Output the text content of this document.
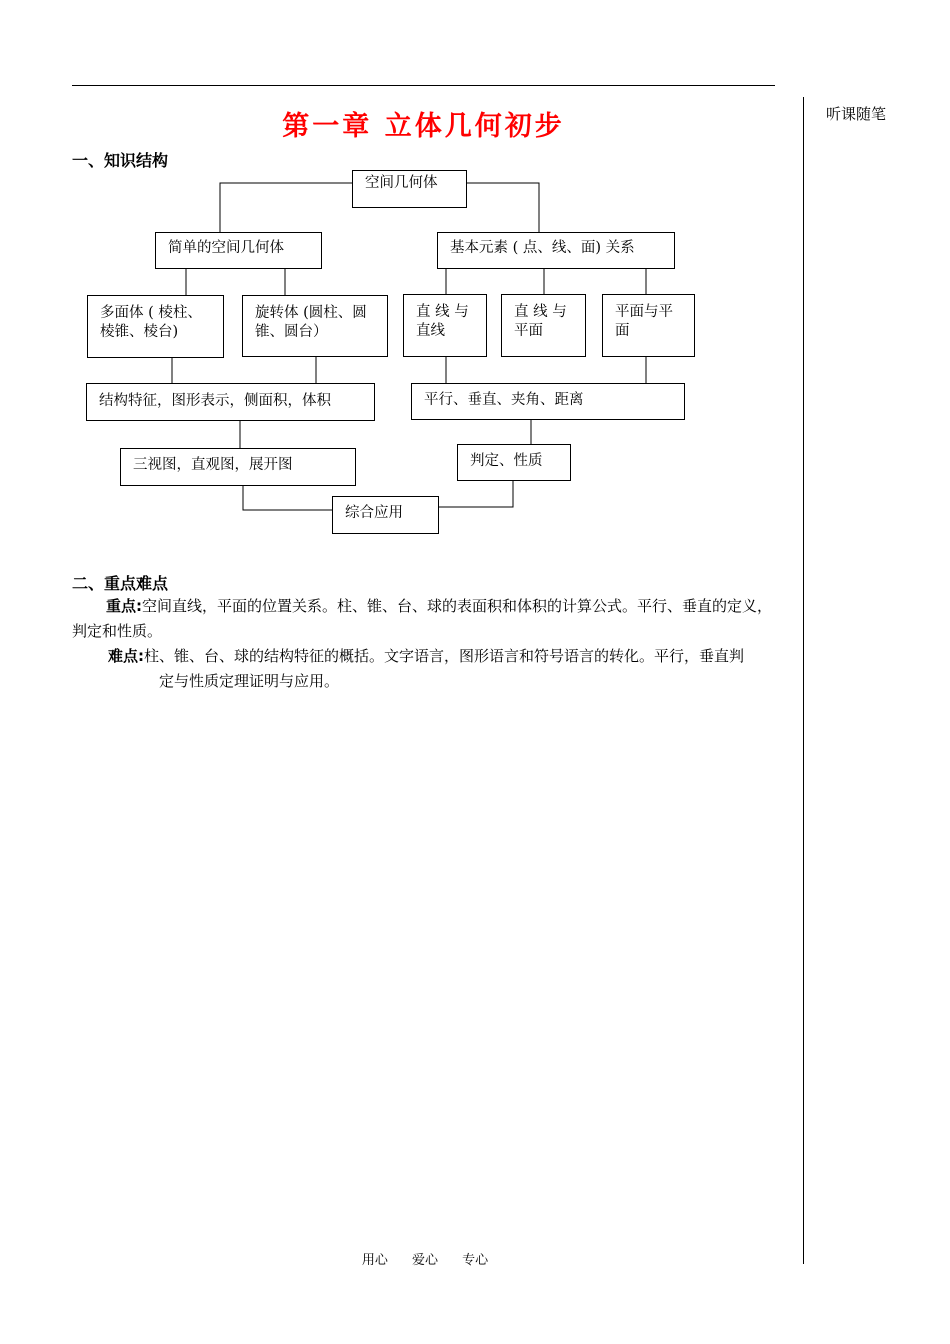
听课随笔
第一章 立体几何初步
一、知识结构
空间几何体
简单的空间几何体	基本元素 ( 点、线、面) 关系
多面体 ( 棱柱、
棱锥、棱台)
旋转体 (圆柱、圆
锥、圆台）
直 线 与
直线
直 线 与
平面
平面与平
面
结构特征，图形表示，侧面积，体积	平行、垂直、夹角、距离
三视图，直观图，展开图	判定、性质
综合应用
二、重点难点
重点:空间直线，平面的位置关系。柱、锥、台、球的表面积和体积的计算公式。平行、垂直的定义，判定和性质。
难点:柱、锥、台、球的结构特征的概括。文字语言，图形语言和符号语言的转化。平行，垂直判
定与性质定理证明与应用。
用心 爱心 专心
